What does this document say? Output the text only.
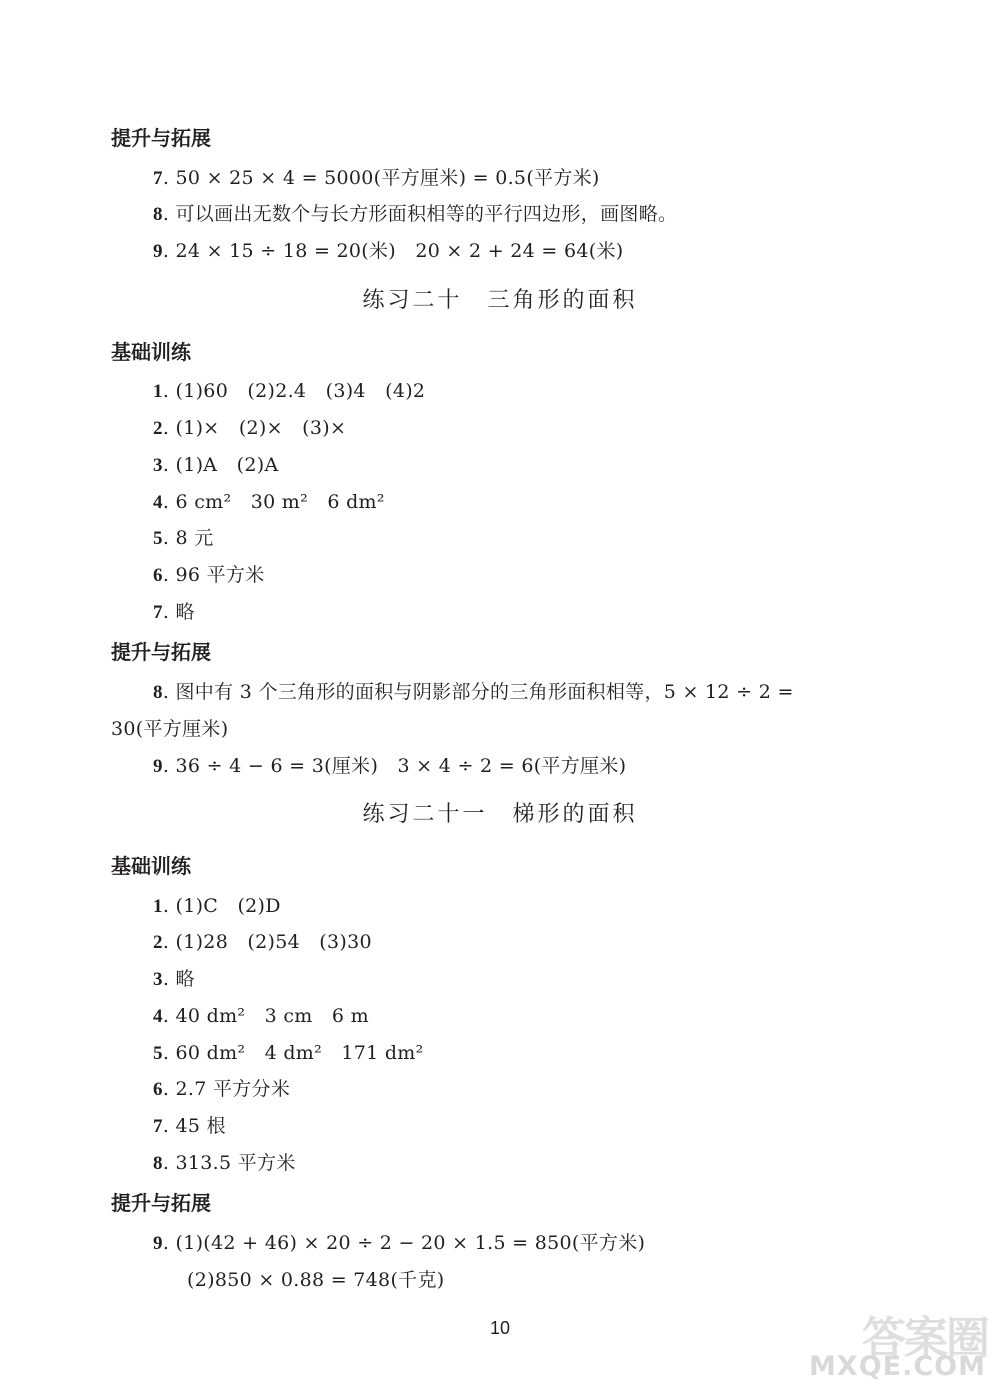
提升与拓展
7. 50 × 25 × 4 = 5000(平方厘米) = 0.5(平方米)
8. 可以画出无数个与长方形面积相等的平行四边形，画图略。
9. 24 × 15 ÷ 18 = 20(米)　20 × 2 + 24 = 64(米)
练习二十　三角形的面积
基础训练
1. (1)60　(2)2.4　(3)4　(4)2
2. (1)×　(2)×　(3)×
3. (1)A　(2)A
4. 6 cm²　30 m²　6 dm²
5. 8 元
6. 96 平方米
7. 略
提升与拓展
8. 图中有 3 个三角形的面积与阴影部分的三角形面积相等，5 × 12 ÷ 2 =
30(平方厘米)
9. 36 ÷ 4 − 6 = 3(厘米)　3 × 4 ÷ 2 = 6(平方厘米)
练习二十一　梯形的面积
基础训练
1. (1)C　(2)D
2. (1)28　(2)54　(3)30
3. 略
4. 40 dm²　3 cm　6 m
5. 60 dm²　4 dm²　171 dm²
6. 2.7 平方分米
7. 45 根
8. 313.5 平方米
提升与拓展
9. (1)(42 + 46) × 20 ÷ 2 − 20 × 1.5 = 850(平方米)
(2)850 × 0.88 = 748(千克)
10	答案圈
MXQE.COM
